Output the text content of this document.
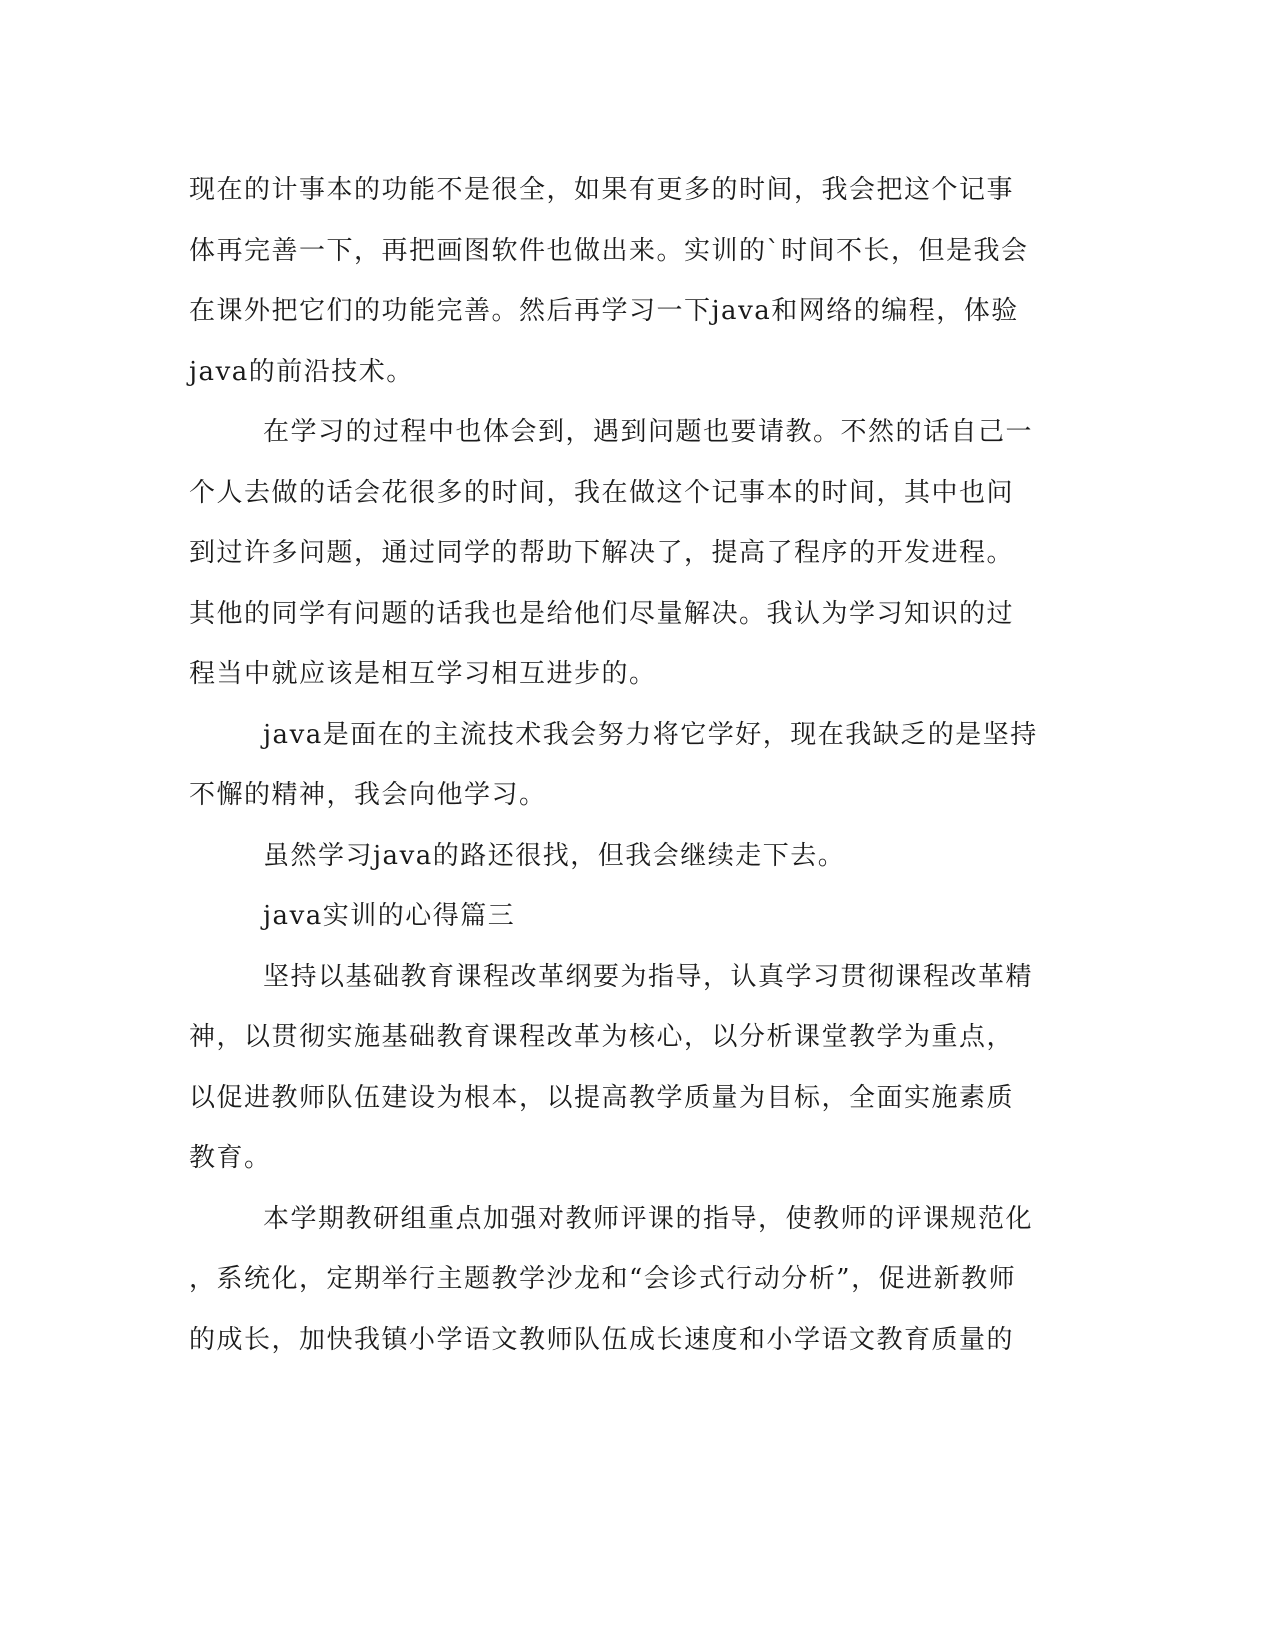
现在的计事本的功能不是很全，如果有更多的时间，我会把这个记事
体再完善一下，再把画图软件也做出来。实训的`时间不长，但是我会
在课外把它们的功能完善。然后再学习一下java和网络的编程，体验
java的前沿技术。
在学习的过程中也体会到，遇到问题也要请教。不然的话自己一
个人去做的话会花很多的时间，我在做这个记事本的时间，其中也问
到过许多问题，通过同学的帮助下解决了，提高了程序的开发进程。
其他的同学有问题的话我也是给他们尽量解决。我认为学习知识的过
程当中就应该是相互学习相互进步的。
java是面在的主流技术我会努力将它学好，现在我缺乏的是坚持
不懈的精神，我会向他学习。
虽然学习java的路还很找，但我会继续走下去。
java实训的心得篇三
坚持以基础教育课程改革纲要为指导，认真学习贯彻课程改革精
神，以贯彻实施基础教育课程改革为核心，以分析课堂教学为重点，
以促进教师队伍建设为根本，以提高教学质量为目标，全面实施素质
教育。
本学期教研组重点加强对教师评课的指导，使教师的评课规范化
，系统化，定期举行主题教学沙龙和“会诊式行动分析”，促进新教师
的成长，加快我镇小学语文教师队伍成长速度和小学语文教育质量的
